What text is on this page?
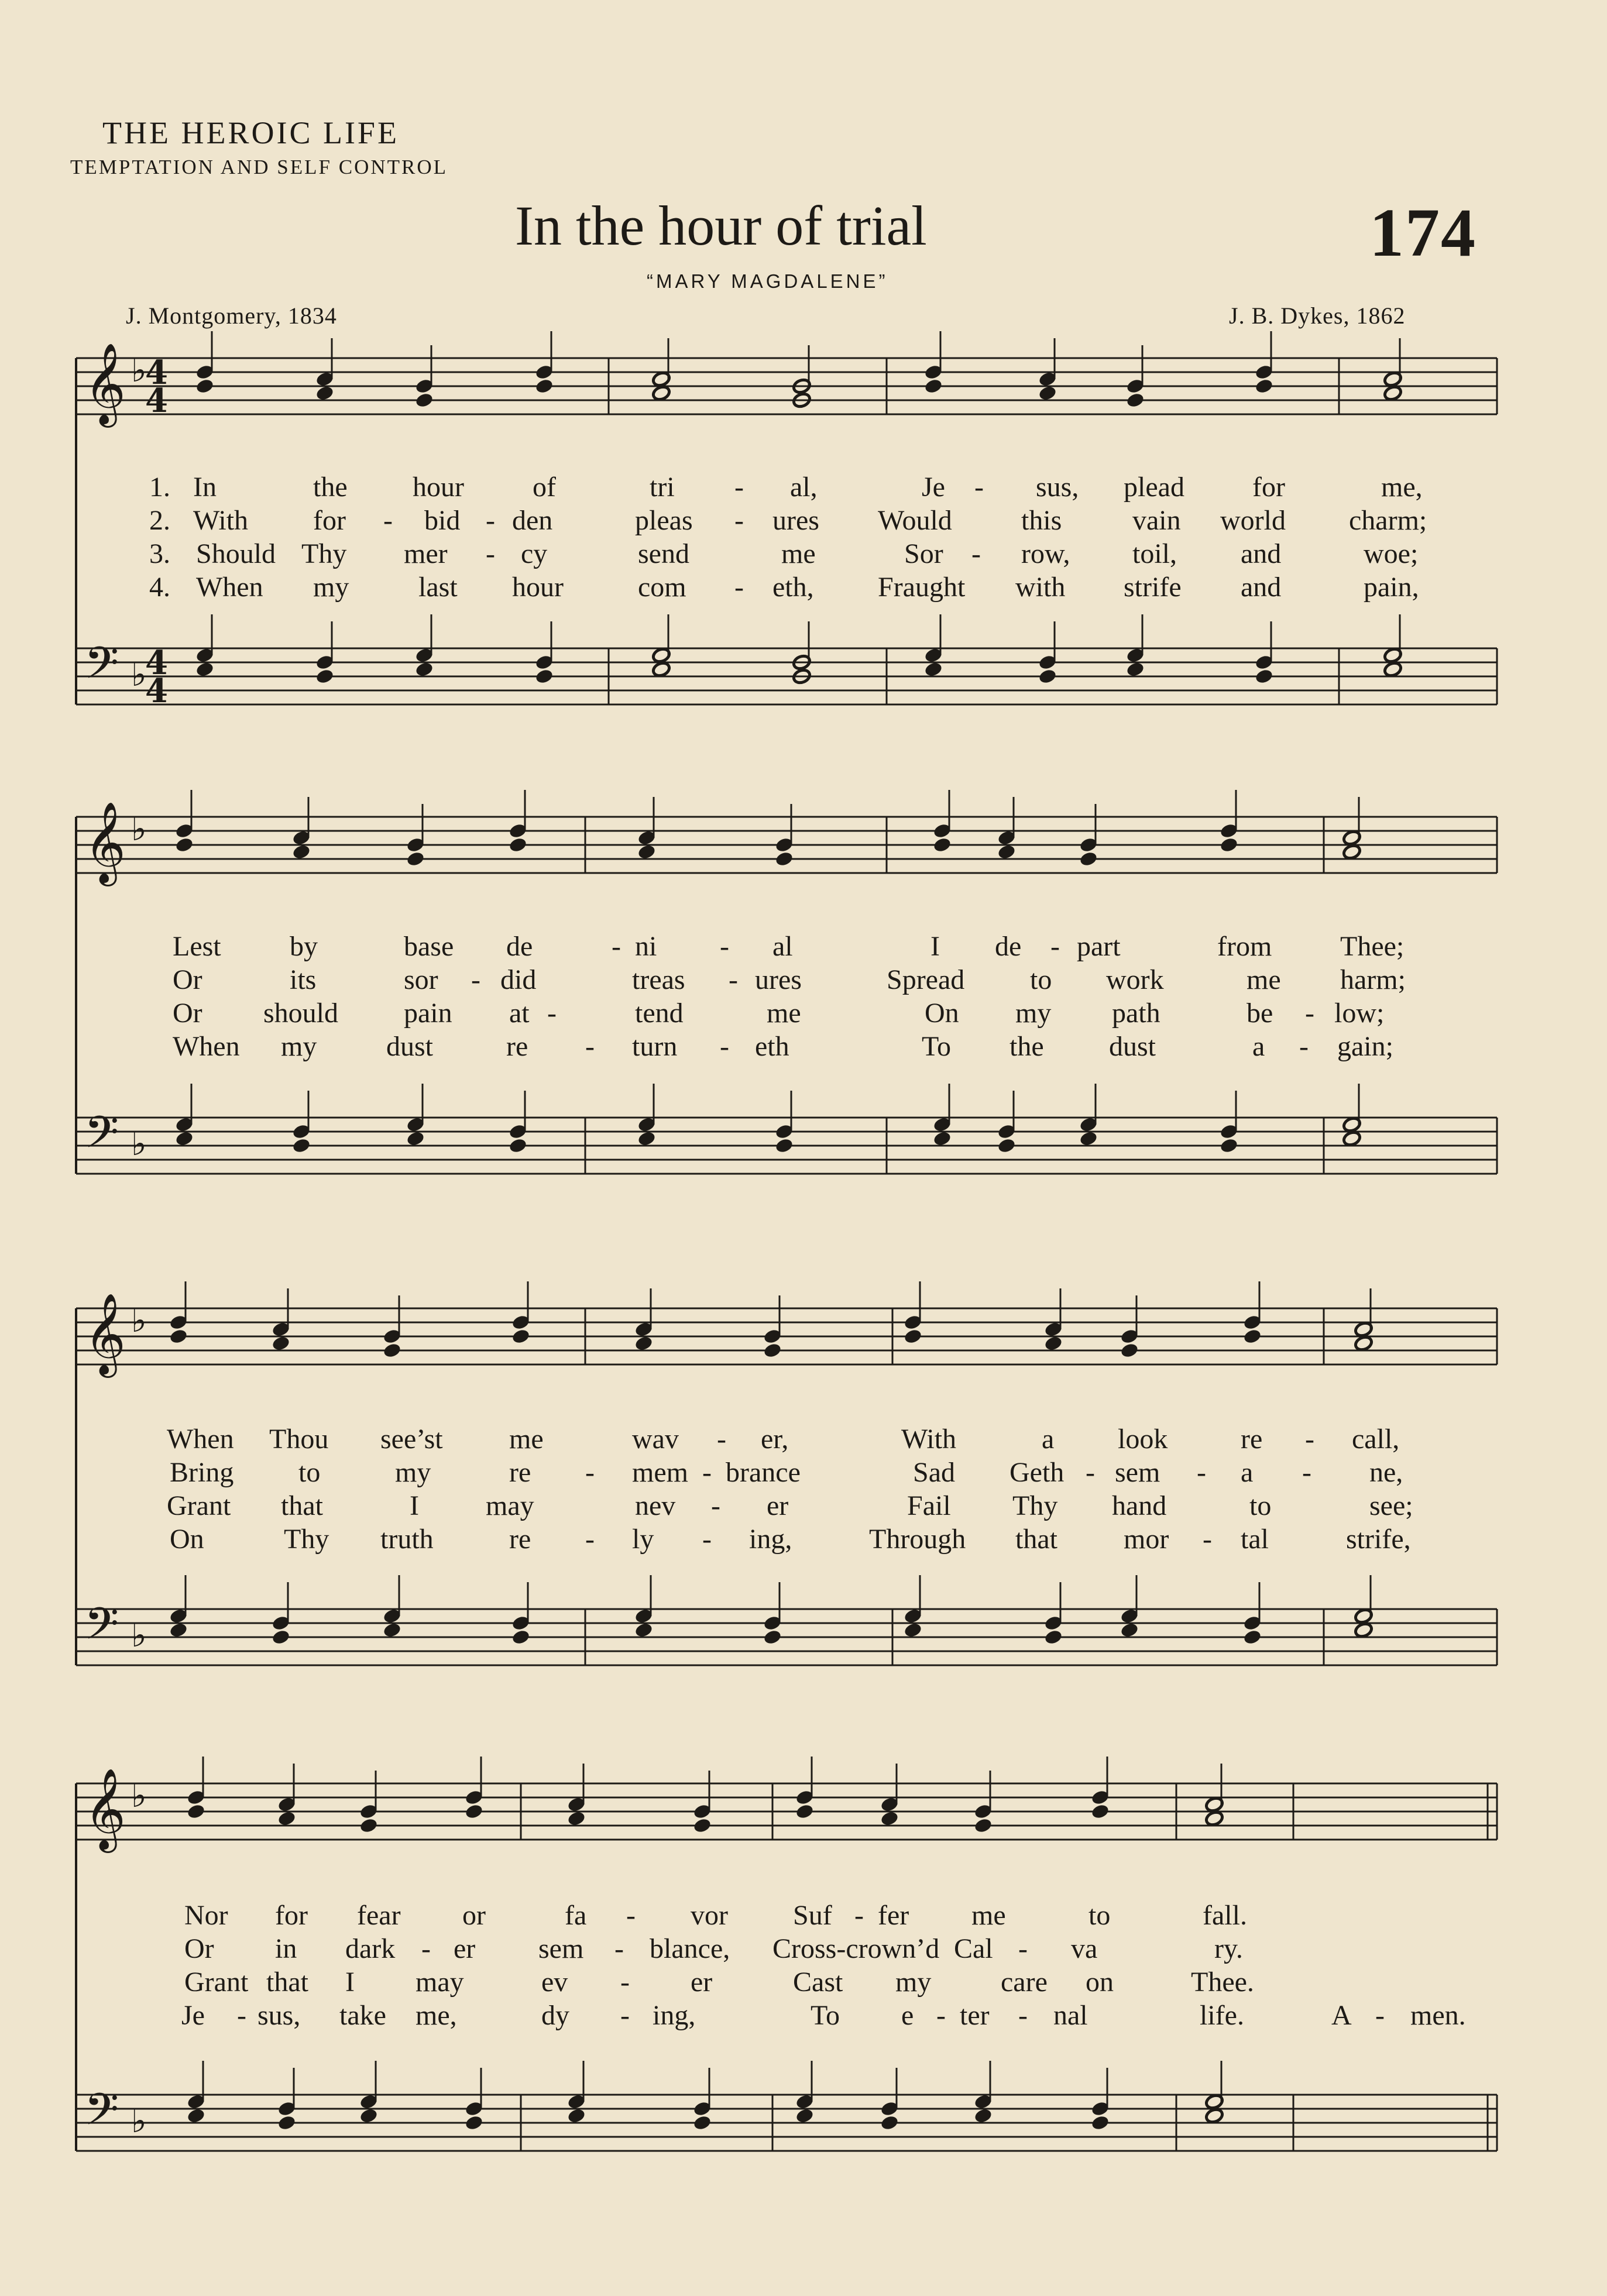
THE HEROIC LIFE
TEMPTATION AND SELF CONTROL
In the hour of trial	174
“MARY MAGDALENE”
J. Montgomery, 1834	J. B. Dykes, 1862
𝄞
𝄢
♭
♭
4
4
4
4
𝄞
𝄢
♭
♭
𝄞
𝄢
♭
♭
𝄞
𝄢
♭
♭
1.
2.
3.
4.
In	the hour of	tri - al,	Je - sus, plead for	me,
With for - bid - den	pleas - ures Would this	vain world charm;
Should Thy mer - cy	send	me	Sor - row, toil, and	woe;
When my last hour	com - eth, Fraught with strife and	pain,
Lest by	base de	- ni - al	I de - part	from Thee;
Or	its	sor - did	treas - ures	Spread to work	me harm;
Or should pain at -	tend	me	On my path	be - low;
When my dust	re - turn - eth	To the dust	a - gain;
When Thou see’st me	wav - er,	With	a look	re - call,
Bring to	my	re - mem - brance	Sad Geth - sem - a - ne,
Grant that	I may	nev - er	Fail Thy hand	to	see;
On	Thy truth	re - ly - ing,	Through that mor - tal	strife,
Nor for fear or	fa - vor Suf - fer me	to	fall.
Or in dark - er sem - blance, Cross-crown’d Cal - va	ry.
Grant that I may	ev - er	Cast my care on	Thee.
Je - sus, take me,	dy - ing,	To e - ter - nal	life.	A - men.
